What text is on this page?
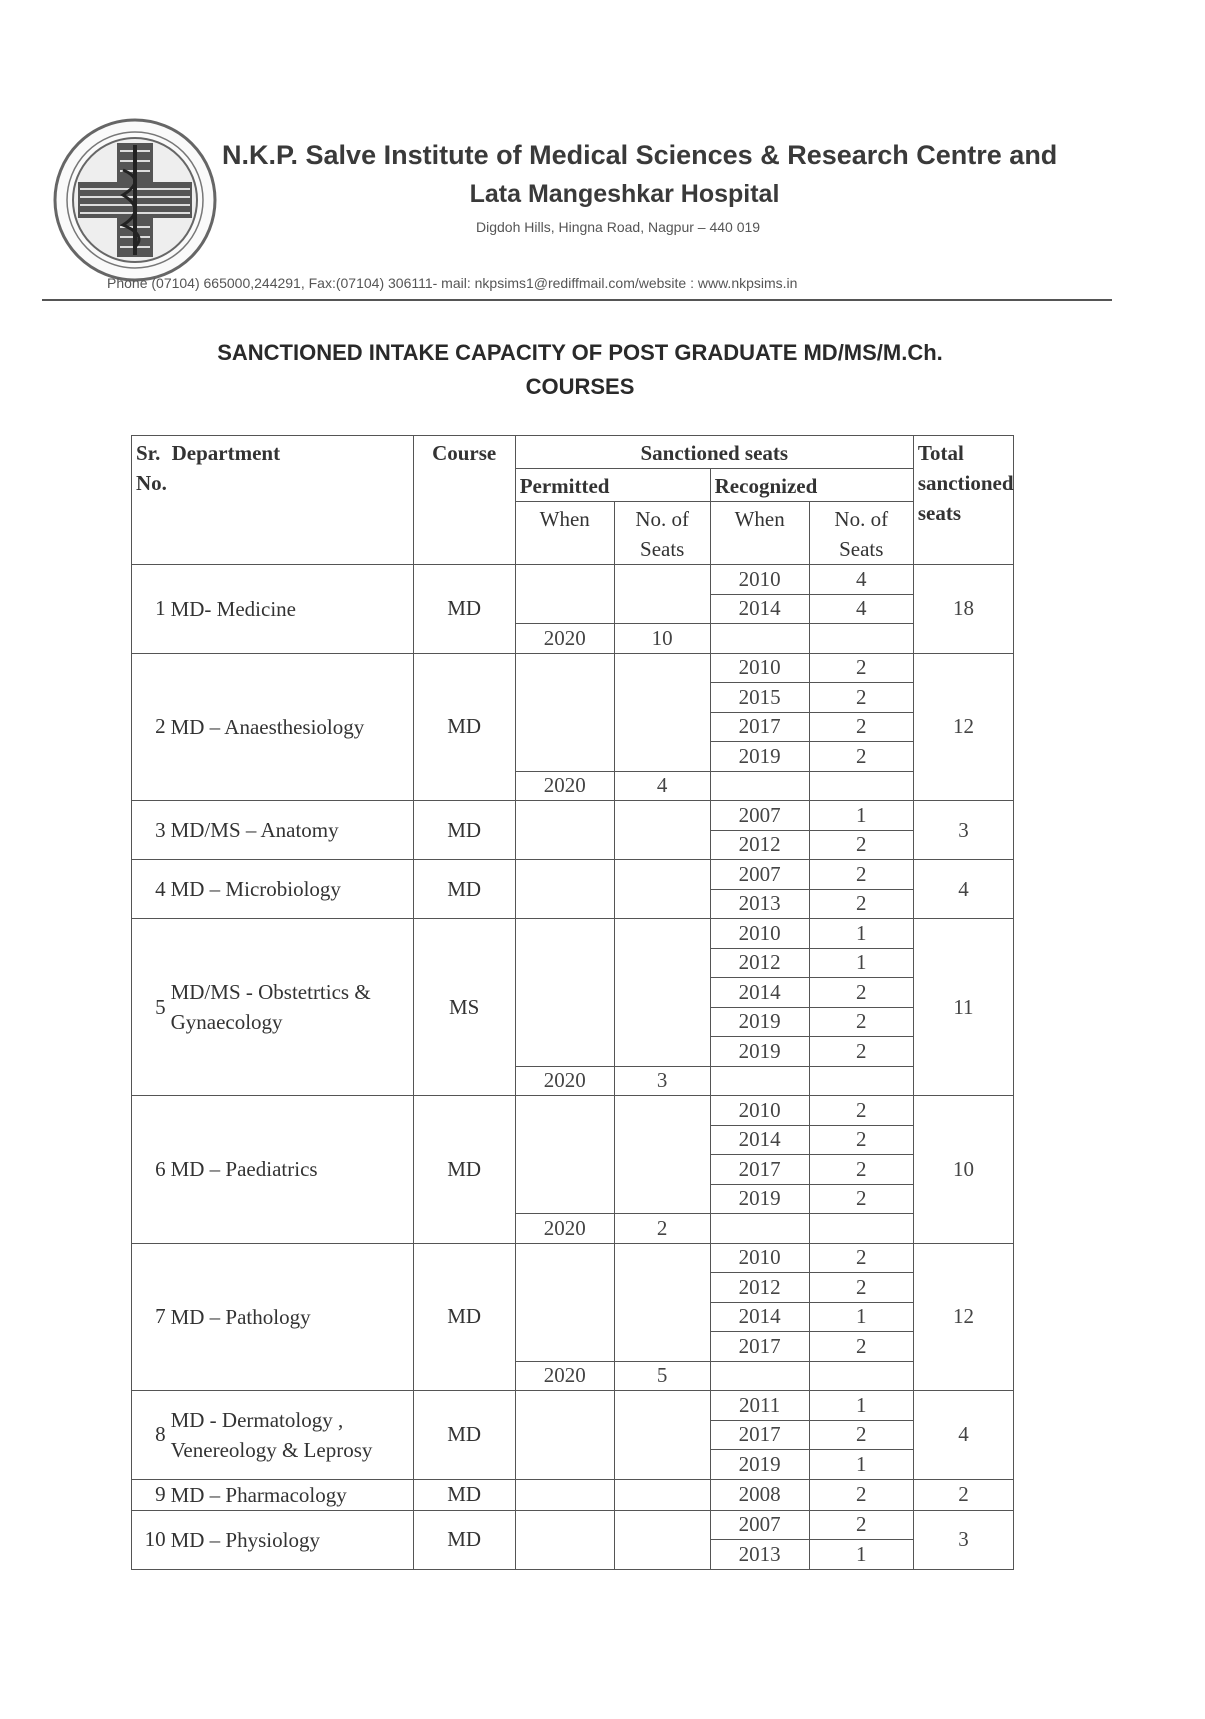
N.K.P. Salve Institute of Medical Sciences & Research Centre and
Lata Mangeshkar Hospital
Digdoh Hills, Hingna Road, Nagpur – 440 019
Phone (07104) 665000,244291, Fax:(07104) 306111- mail: nkpsims1@rediffmail.com/website : www.nkpsims.in
SANCTIONED INTAKE CAPACITY OF POST GRADUATE MD/MS/M.Ch.
COURSES
Sr. No.	Department	Course	Sanctioned seats				Total sanctioned seats
			Permitted		Recognized		
			When	No. of Seats	When	No. of Seats	
1	MD- Medicine	MD			2010	4	18
					2014	4	
			2020	10			
2	MD – Anaesthesiology	MD			2010	2	12
					2015	2	
					2017	2	
					2019	2	
			2020	4			
3	MD/MS – Anatomy	MD			2007	1	3
					2012	2	
4	MD – Microbiology	MD			2007	2	4
					2013	2	
5	MD/MS - Obstetrtics & Gynaecology	MS			2010	1	11
					2012	1	
					2014	2	
					2019	2	
					2019	2	
			2020	3			
6	MD – Paediatrics	MD			2010	2	10
					2014	2	
					2017	2	
					2019	2	
			2020	2			
7	MD – Pathology	MD			2010	2	12
					2012	2	
					2014	1	
					2017	2	
			2020	5			
8	MD - Dermatology , Venereology & Leprosy	MD			2011	1	4
					2017	2	
					2019	1	
9	MD – Pharmacology	MD			2008	2	2
10	MD – Physiology	MD			2007	2	3
					2013	1	
